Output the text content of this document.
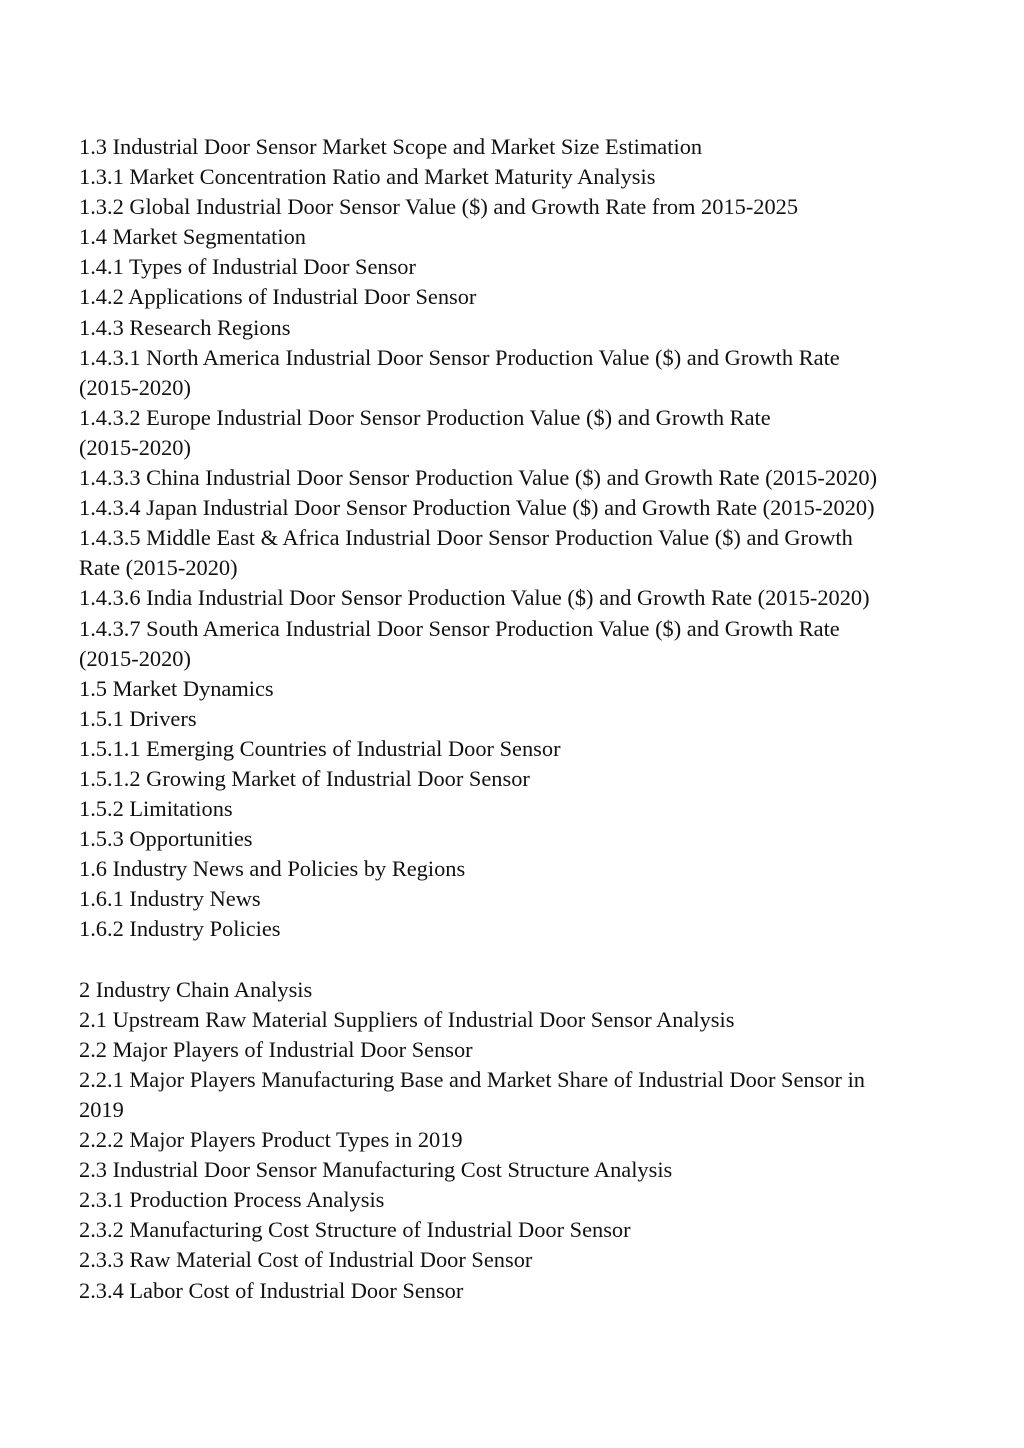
1.3 Industrial Door Sensor Market Scope and Market Size Estimation
1.3.1 Market Concentration Ratio and Market Maturity Analysis
1.3.2 Global Industrial Door Sensor Value ($) and Growth Rate from 2015-2025
1.4 Market Segmentation
1.4.1 Types of Industrial Door Sensor
1.4.2 Applications of Industrial Door Sensor
1.4.3 Research Regions
1.4.3.1 North America Industrial Door Sensor Production Value ($) and Growth Rate
(2015-2020)
1.4.3.2 Europe Industrial Door Sensor Production Value ($) and Growth Rate
(2015-2020)
1.4.3.3 China Industrial Door Sensor Production Value ($) and Growth Rate (2015-2020)
1.4.3.4 Japan Industrial Door Sensor Production Value ($) and Growth Rate (2015-2020)
1.4.3.5 Middle East & Africa Industrial Door Sensor Production Value ($) and Growth
Rate (2015-2020)
1.4.3.6 India Industrial Door Sensor Production Value ($) and Growth Rate (2015-2020)
1.4.3.7 South America Industrial Door Sensor Production Value ($) and Growth Rate
(2015-2020)
1.5 Market Dynamics
1.5.1 Drivers
1.5.1.1 Emerging Countries of Industrial Door Sensor
1.5.1.2 Growing Market of Industrial Door Sensor
1.5.2 Limitations
1.5.3 Opportunities
1.6 Industry News and Policies by Regions
1.6.1 Industry News
1.6.2 Industry Policies
2 Industry Chain Analysis
2.1 Upstream Raw Material Suppliers of Industrial Door Sensor Analysis
2.2 Major Players of Industrial Door Sensor
2.2.1 Major Players Manufacturing Base and Market Share of Industrial Door Sensor in
2019
2.2.2 Major Players Product Types in 2019
2.3 Industrial Door Sensor Manufacturing Cost Structure Analysis
2.3.1 Production Process Analysis
2.3.2 Manufacturing Cost Structure of Industrial Door Sensor
2.3.3 Raw Material Cost of Industrial Door Sensor
2.3.4 Labor Cost of Industrial Door Sensor
